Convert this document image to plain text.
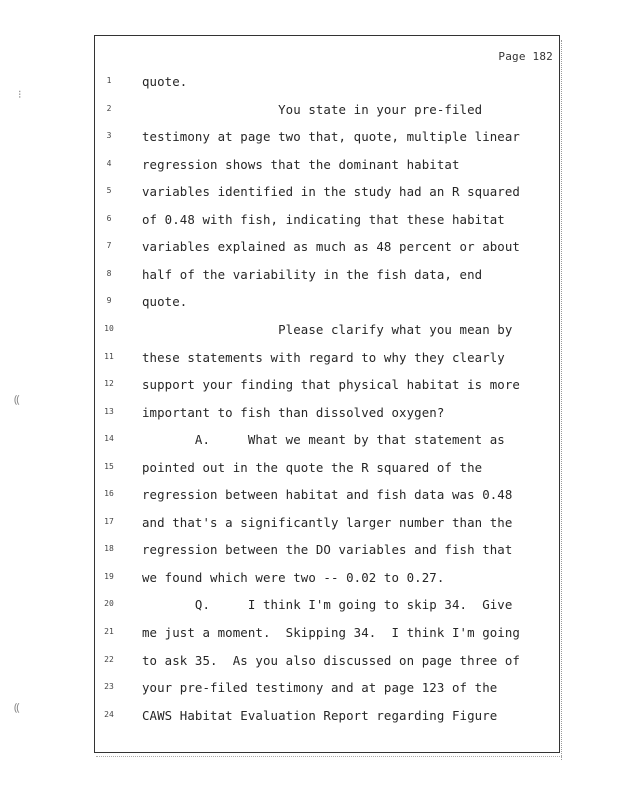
⁝
⸨
⸨
Page 182
1	quote.
2	You state in your pre-filed
3	testimony at page two that, quote, multiple linear
4	regression shows that the dominant habitat
5	variables identified in the study had an R squared
6	of 0.48 with fish, indicating that these habitat
7	variables explained as much as 48 percent or about
8	half of the variability in the fish data, end
9	quote.
10	Please clarify what you mean by
11	these statements with regard to why they clearly
12	support your finding that physical habitat is more
13	important to fish than dissolved oxygen?
14	A.     What we meant by that statement as
15	pointed out in the quote the R squared of the
16	regression between habitat and fish data was 0.48
17	and that's a significantly larger number than the
18	regression between the DO variables and fish that
19	we found which were two -- 0.02 to 0.27.
20	Q.     I think I'm going to skip 34.  Give
21	me just a moment.  Skipping 34.  I think I'm going
22	to ask 35.  As you also discussed on page three of
23	your pre-filed testimony and at page 123 of the
24	CAWS Habitat Evaluation Report regarding Figure
